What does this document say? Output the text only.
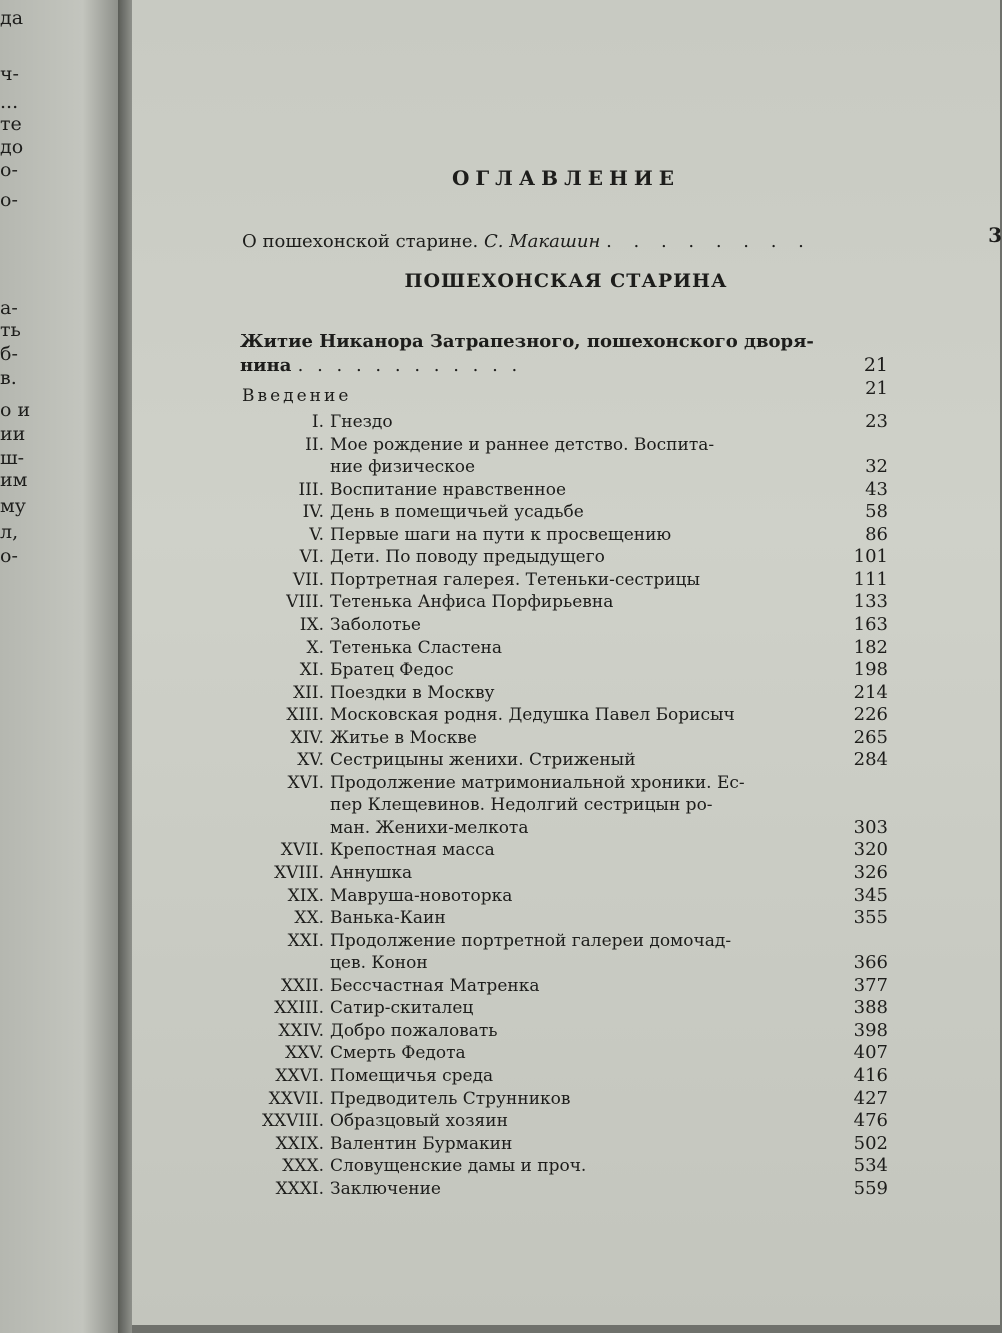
да
ч-
...
те
до
о-
о-
а-
ть
б-
в.
о и
ии
ш-
им
му
л,
о-
ОГЛАВЛЕНИЕ
О пошехонской старине. С. Макашин . . . . . . . .	3
ПОШЕХОНСКАЯ СТАРИНА
Житие Никанора Затрапезного, пошехонского дворя-
нина . . . . . . . . . . . .	21
Введение	21
I. Гнездо	23
II. Мое рождение и раннее детство. Воспита-
ние физическое	32
III. Воспитание нравственное	43
IV. День в помещичьей усадьбе	58
V. Первые шаги на пути к просвещению	86
VI. Дети. По поводу предыдущего	101
VII. Портретная галерея. Тетеньки-сестрицы	111
VIII. Тетенька Анфиса Порфирьевна	133
IX. Заболотье	163
X. Тетенька Сластена	182
XI. Братец Федос	198
XII. Поездки в Москву	214
XIII. Московская родня. Дедушка Павел Борисыч	226
XIV. Житье в Москве	265
XV. Сестрицыны женихи. Стриженый	284
XVI. Продолжение матримониальной хроники. Ес-
пер Клещевинов. Недолгий сестрицын ро-
ман. Женихи-мелкота	303
XVII. Крепостная масса	320
XVIII. Аннушка	326
XIX. Мавруша-новоторка	345
XX. Ванька-Каин	355
XXI. Продолжение портретной галереи домочад-
цев. Конон	366
XXII. Бессчастная Матренка	377
XXIII. Сатир-скиталец	388
XXIV. Добро пожаловать	398
XXV. Смерть Федота	407
XXVI. Помещичья среда	416
XXVII. Предводитель Струнников	427
XXVIII. Образцовый хозяин	476
XXIX. Валентин Бурмакин	502
XXX. Словущенские дамы и проч.	534
XXXI. Заключение	559
